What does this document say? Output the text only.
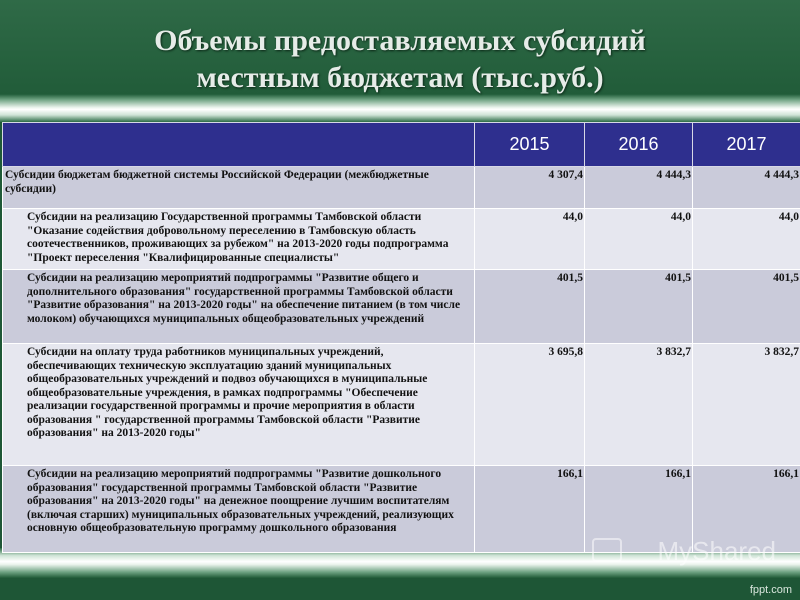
Объемы предоставляемых субсидий местным бюджетам (тыс.руб.)
	2015	2016	2017
Субсидии бюджетам бюджетной системы Российской Федерации (межбюджетные субсидии)	4 307,4	4 444,3	4 444,3
Субсидии на реализацию Государственной программы Тамбовской области "Оказание содействия добровольному переселению в Тамбовскую область соотечественников, проживающих за рубежом" на 2013-2020 годы подпрограмма "Проект переселения "Квалифицированные специалисты"	44,0	44,0	44,0
Субсидии на реализацию мероприятий подпрограммы "Развитие общего и дополнительного образования" государственной программы Тамбовской области "Развитие образования" на 2013-2020 годы" на обеспечение питанием (в том числе молоком) обучающихся муниципальных общеобразовательных учреждений	401,5	401,5	401,5
Субсидии на оплату труда работников муниципальных учреждений, обеспечивающих техническую эксплуатацию зданий муниципальных общеобразовательных учреждений и подвоз обучающихся в муниципальные общеобразовательные учреждения, в рамках подпрограммы "Обеспечение реализации государственной программы и прочие мероприятия в области образования " государственной программы Тамбовской области "Развитие образования" на 2013-2020 годы"	3 695,8	3 832,7	3 832,7
Субсидии на реализацию мероприятий подпрограммы "Развитие дошкольного образования" государственной программы Тамбовской области "Развитие образования" на 2013-2020 годы" на денежное поощрение лучшим воспитателям (включая старших) муниципальных образовательных учреждений, реализующих основную общеобразовательную программу дошкольного образования	166,1	166,1	166,1
MyShared
fppt.com
